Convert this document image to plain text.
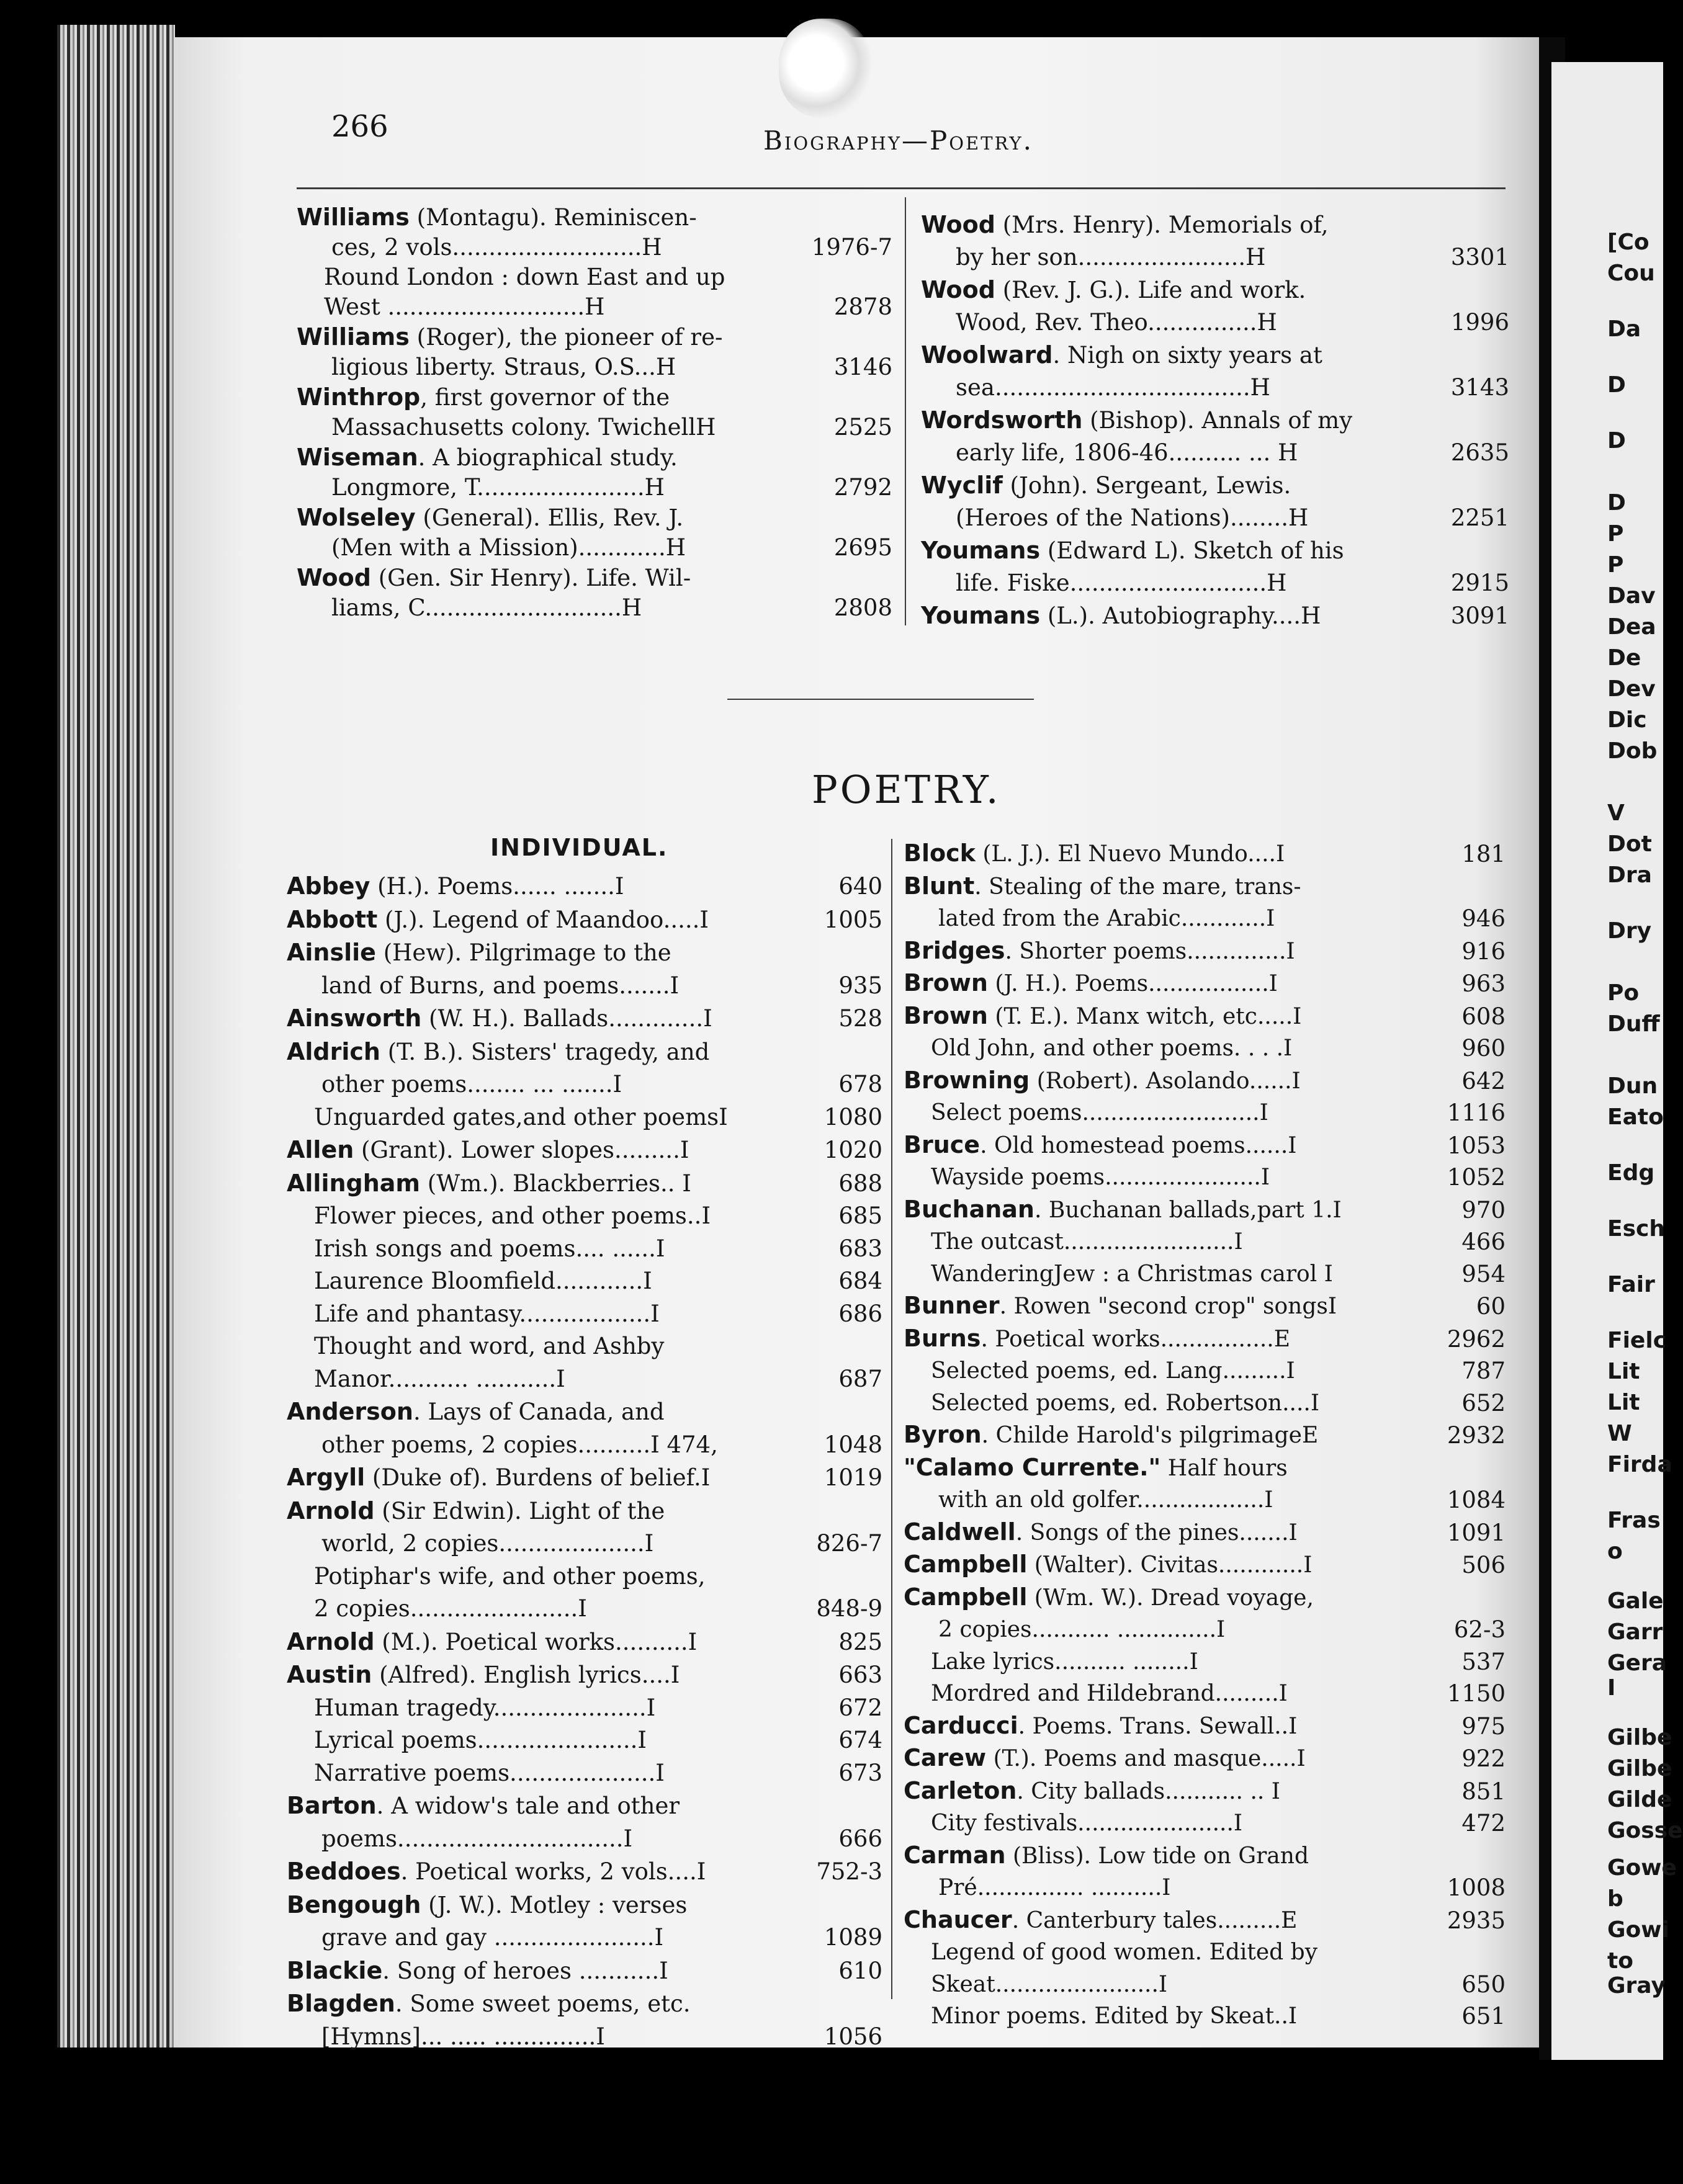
266	Biography—Poetry.
Williams (Montagu). Reminiscen-
ces, 2 vols..........................H	1976-7
Round London : down East and up
West ...........................H	2878
Williams (Roger), the pioneer of re-
ligious liberty. Straus, O.S...H	3146
Winthrop, first governor of the
Massachusetts colony. TwichellH	2525
Wiseman. A biographical study.
Longmore, T.......................H	2792
Wolseley (General). Ellis, Rev. J.
(Men with a Mission)............H	2695
Wood (Gen. Sir Henry). Life. Wil-
liams, C...........................H	2808
Wood (Mrs. Henry). Memorials of,
by her son.......................H	3301
Wood (Rev. J. G.). Life and work.
Wood, Rev. Theo...............H	1996
Woolward. Nigh on sixty years at
sea...................................H	3143
Wordsworth (Bishop). Annals of my
early life, 1806-46.......... ... H	2635
Wyclif (John). Sergeant, Lewis.
(Heroes of the Nations)........H	2251
Youmans (Edward L). Sketch of his
life. Fiske...........................H	2915
Youmans (L.). Autobiography....H	3091
POETRY.
INDIVIDUAL.
Abbey (H.). Poems...... .......I	640
Abbott (J.). Legend of Maandoo.....I	1005
Ainslie (Hew). Pilgrimage to the
land of Burns, and poems.......I	935
Ainsworth (W. H.). Ballads.............I	528
Aldrich (T. B.). Sisters' tragedy, and
other poems........ ... .......I	678
Unguarded gates,and other poemsI	1080
Allen (Grant). Lower slopes.........I	1020
Allingham (Wm.). Blackberries.. I	688
Flower pieces, and other poems..I	685
Irish songs and poems.... ......I	683
Laurence Bloomfield............I	684
Life and phantasy..................I	686
Thought and word, and Ashby
Manor........... ...........I	687
Anderson. Lays of Canada, and
other poems, 2 copies..........I 474,	1048
Argyll (Duke of). Burdens of belief.I	1019
Arnold (Sir Edwin). Light of the
world, 2 copies....................I	826-7
Potiphar's wife, and other poems,
2 copies.......................I	848-9
Arnold (M.). Poetical works..........I	825
Austin (Alfred). English lyrics....I	663
Human tragedy.....................I	672
Lyrical poems......................I	674
Narrative poems....................I	673
Barton. A widow's tale and other
poems...............................I	666
Beddoes. Poetical works, 2 vols....I	752-3
Bengough (J. W.). Motley : verses
grave and gay ......................I	1089
Blackie. Song of heroes ...........I	610
Blagden. Some sweet poems, etc.
[Hymns]... ..... ..............I	1056
Block (L. J.). El Nuevo Mundo....I	181
Blunt. Stealing of the mare, trans-
lated from the Arabic............I	946
Bridges. Shorter poems..............I	916
Brown (J. H.). Poems.................I	963
Brown (T. E.). Manx witch, etc.....I	608
Old John, and other poems. . . .I	960
Browning (Robert). Asolando......I	642
Select poems.........................I	1116
Bruce. Old homestead poems......I	1053
Wayside poems......................I	1052
Buchanan. Buchanan ballads,part 1.I	970
The outcast........................I	466
WanderingJew : a Christmas carol I	954
Bunner. Rowen "second crop" songsI	60
Burns. Poetical works................E	2962
Selected poems, ed. Lang.........I	787
Selected poems, ed. Robertson....I	652
Byron. Childe Harold's pilgrimageE	2932
"Calamo Currente." Half hours
with an old golfer..................I	1084
Caldwell. Songs of the pines.......I	1091
Campbell (Walter). Civitas............I	506
Campbell (Wm. W.). Dread voyage,
2 copies........... ..............I	62-3
Lake lyrics.......... ........I	537
Mordred and Hildebrand.........I	1150
Carducci. Poems. Trans. Sewall..I	975
Carew (T.). Poems and masque.....I	922
Carleton. City ballads........... .. I	851
City festivals......................I	472
Carman (Bliss). Low tide on Grand
Pré............... ..........I	1008
Chaucer. Canterbury tales.........E	2935
Legend of good women. Edited by
Skeat.......................I	650
Minor poems. Edited by Skeat..I	651
[Co
Cou
Da
D
D
D
P
P
Dav
Dea
De
Dev
Dic
Dob
V
Dot
Dra
Dry
Po
Duff
Dun
Eato
Edg
Esch
Fair
Fielc
Lit
Lit
W
Firda
Fras
o
Gale
Garr
Gera
I
Gilbe
Gilbe
Gilde
Gosse
Gowe
b
Gowi
to
Gray
